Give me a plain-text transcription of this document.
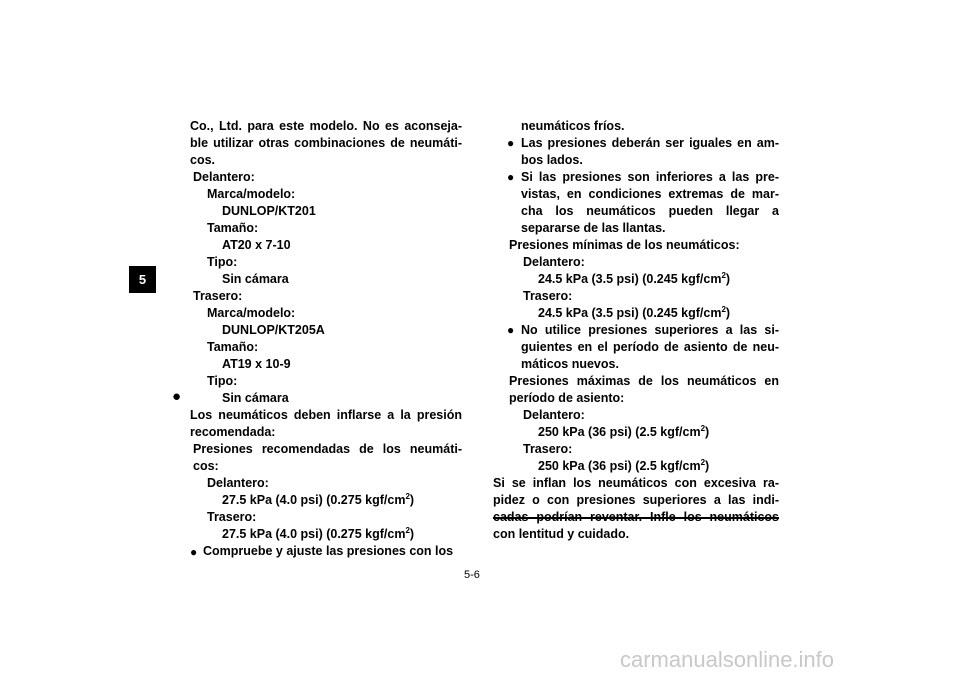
5
Co., Ltd. para este modelo. No es aconseja-
ble utilizar otras combinaciones de neumáti-
cos.
Delantero:
Marca/modelo:
DUNLOP/KT201
Tamaño:
AT20 x 7-10
Tipo:
Sin cámara
Trasero:
Marca/modelo:
DUNLOP/KT205A
Tamaño:
AT19 x 10-9
Tipo:
Sin cámara
●
Los neumáticos deben inflarse a la presión
recomendada:
Presiones recomendadas de los neumáti-
cos:
Delantero:
27.5 kPa (4.0 psi) (0.275 kgf/$cm^2$)
Trasero:
27.5 kPa (4.0 psi) (0.275 kgf/$cm^2$)
● Compruebe y ajuste las presiones con los
neumáticos fríos.
● Las presiones deberán ser iguales en am-
bos lados.
● Si las presiones son inferiores a las pre-
vistas, en condiciones extremas de mar-
cha los neumáticos pueden llegar a
separarse de las llantas.
Presiones mínimas de los neumáticos:
Delantero:
24.5 kPa (3.5 psi) (0.245 kgf/$cm^2$)
Trasero:
24.5 kPa (3.5 psi) (0.245 kgf/$cm^2$)
● No utilice presiones superiores a las si-
guientes en el período de asiento de neu-
máticos nuevos.
Presiones máximas de los neumáticos en
período de asiento:
Delantero:
250 kPa (36 psi) (2.5 kgf/$cm^2$)
Trasero:
250 kPa (36 psi) (2.5 kgf/$cm^2$)
Si se inflan los neumáticos con excesiva ra-
pidez o con presiones superiores a las indi-
cadas podrían reventar. Infle los neumáticos
con lentitud y cuidado.
5-6
carmanualsonline.info
